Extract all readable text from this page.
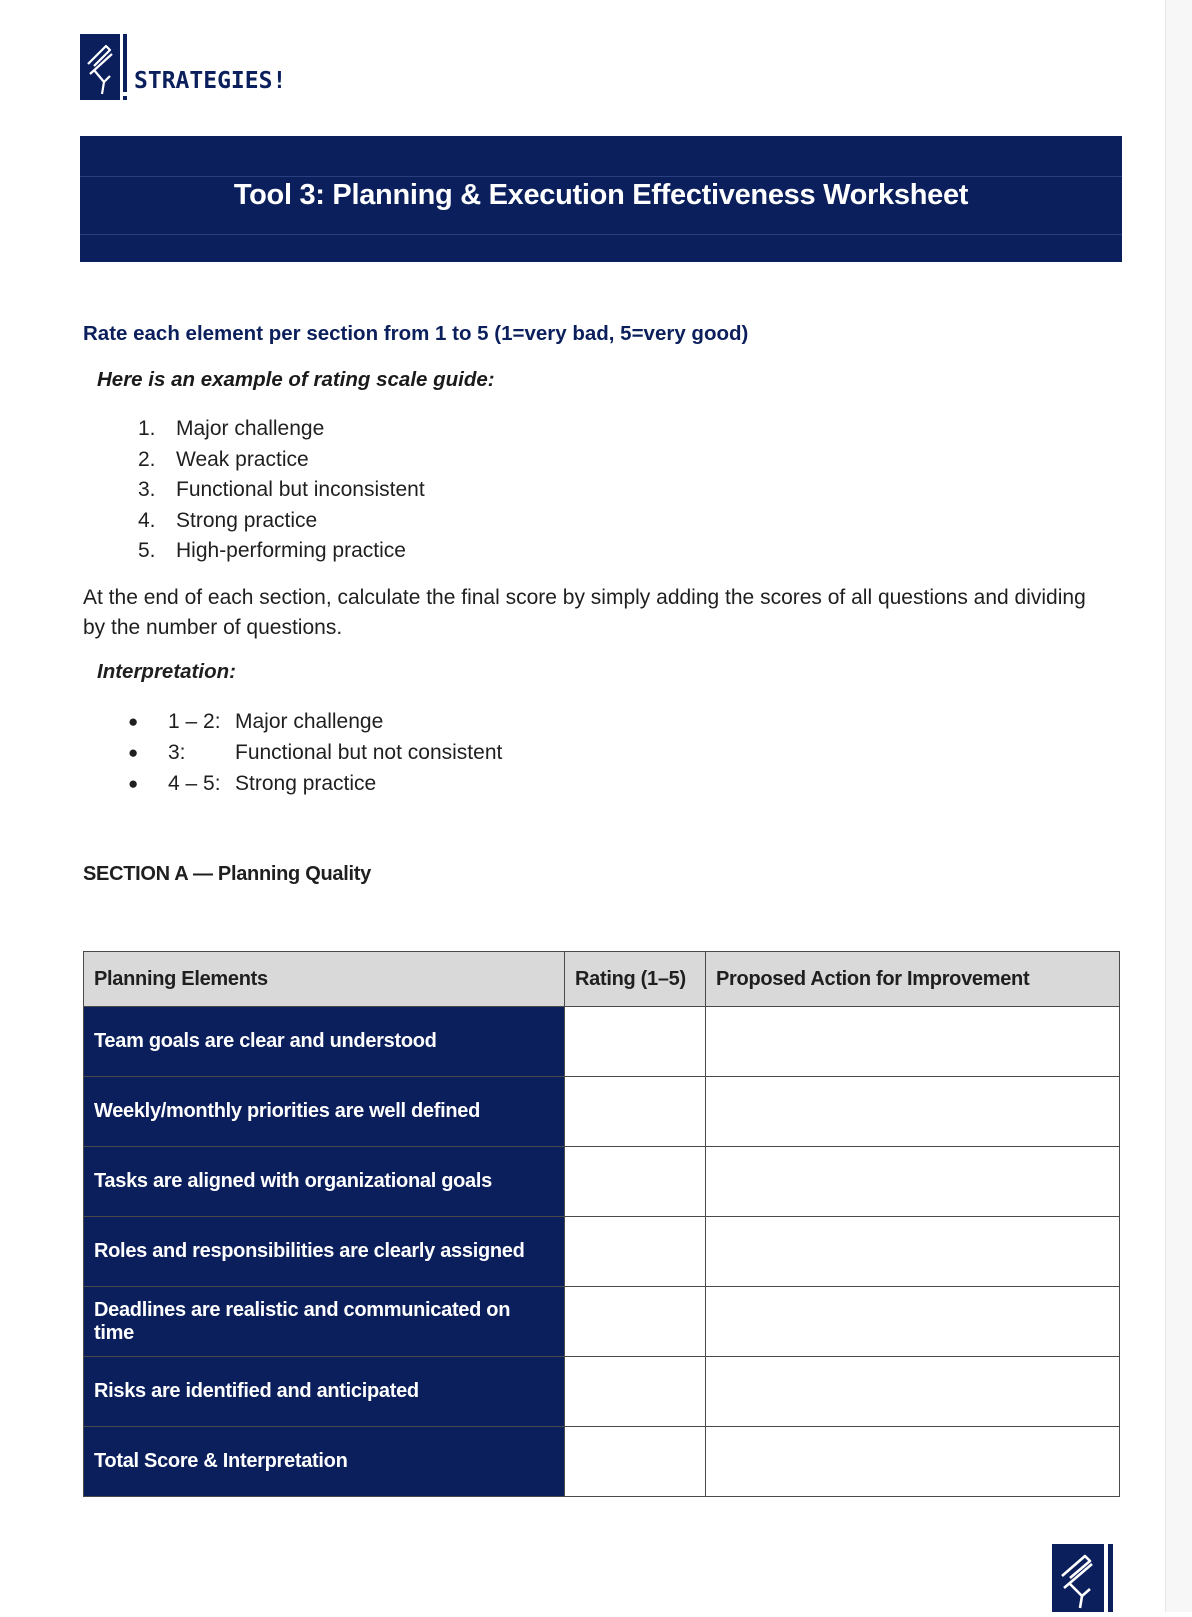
STRATEGIES!
Tool 3: Planning & Execution Effectiveness Worksheet
Rate each element per section from 1 to 5 (1=very bad, 5=very good)
Here is an example of rating scale guide:
1. Major challenge
2. Weak practice
3. Functional but inconsistent
4. Strong practice
5. High-performing practice
At the end of each section, calculate the final score by simply adding the scores of all questions and dividing by the number of questions.
Interpretation:
●	1 – 2: Major challenge
●	3:	Functional but not consistent
●	4 – 5: Strong practice
SECTION A — Planning Quality
Planning Elements	Rating (1–5)	Proposed Action for Improvement
Team goals are clear and understood		
Weekly/monthly priorities are well defined		
Tasks are aligned with organizational goals		
Roles and responsibilities are clearly assigned		
Deadlines are realistic and communicated on time		
Risks are identified and anticipated		
Total Score & Interpretation		
